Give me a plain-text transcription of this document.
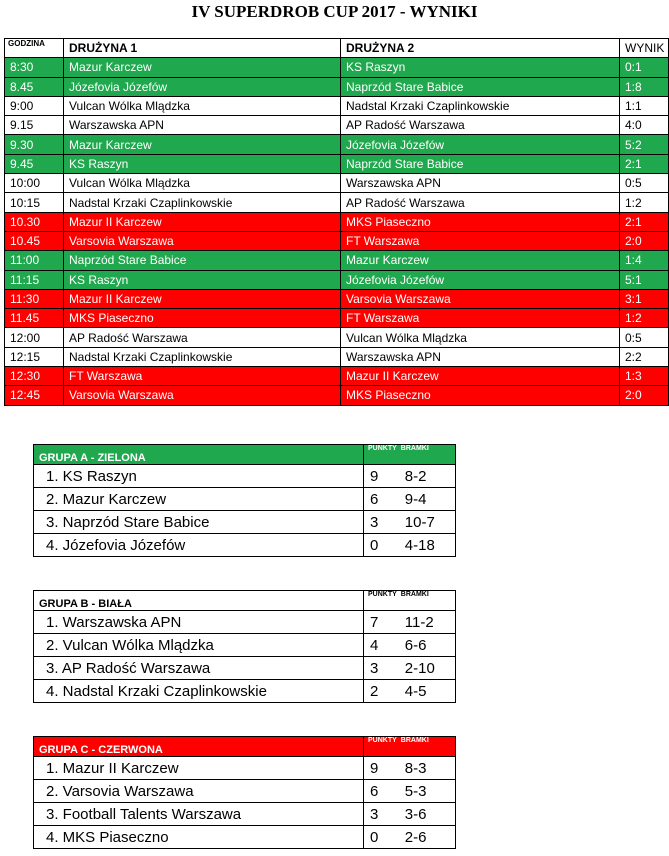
IV SUPERDROB CUP 2017 - WYNIKI
GODZINA	DRUŻYNA 1	DRUŻYNA 2	WYNIK
8:30	Mazur Karczew	KS Raszyn	0:1
8.45	Józefovia Józefów	Naprzód Stare Babice	1:8
9:00	Vulcan Wólka Mlądzka	Nadstal Krzaki Czaplinkowskie	1:1
9.15	Warszawska APN	AP Radość Warszawa	4:0
9.30	Mazur Karczew	Józefovia Józefów	5:2
9.45	KS Raszyn	Naprzód Stare Babice	2:1
10:00	Vulcan Wólka Mlądzka	Warszawska APN	0:5
10:15	Nadstal Krzaki Czaplinkowskie	AP Radość Warszawa	1:2
10.30	Mazur II Karczew	MKS Piaseczno	2:1
10.45	Varsovia Warszawa	FT Warszawa	2:0
11:00	Naprzód Stare Babice	Mazur Karczew	1:4
11:15	KS Raszyn	Józefovia Józefów	5:1
11:30	Mazur II Karczew	Varsovia Warszawa	3:1
11.45	MKS Piaseczno	FT Warszawa	1:2
12:00	AP Radość Warszawa	Vulcan Wólka Mlądzka	0:5
12:15	Nadstal Krzaki Czaplinkowskie	Warszawska APN	2:2
12:30	FT Warszawa	Mazur II Karczew	1:3
12:45	Varsovia Warszawa	MKS Piaseczno	2:0
GRUPA A - ZIELONA	PUNKTY	BRAMKI
1. KS Raszyn	9	8-2
2. Mazur Karczew	6	9-4
3. Naprzód Stare Babice	3	10-7
4. Józefovia Józefów	0	4-18
GRUPA B - BIAŁA	PUNKTY	BRAMKI
1. Warszawska APN	7	11-2
2. Vulcan Wólka Mlądzka	4	6-6
3. AP Radość Warszawa	3	2-10
4. Nadstal Krzaki Czaplinkowskie	2	4-5
GRUPA C - CZERWONA	PUNKTY	BRAMKI
1. Mazur II Karczew	9	8-3
2. Varsovia Warszawa	6	5-3
3. Football Talents Warszawa	3	3-6
4. MKS Piaseczno	0	2-6
